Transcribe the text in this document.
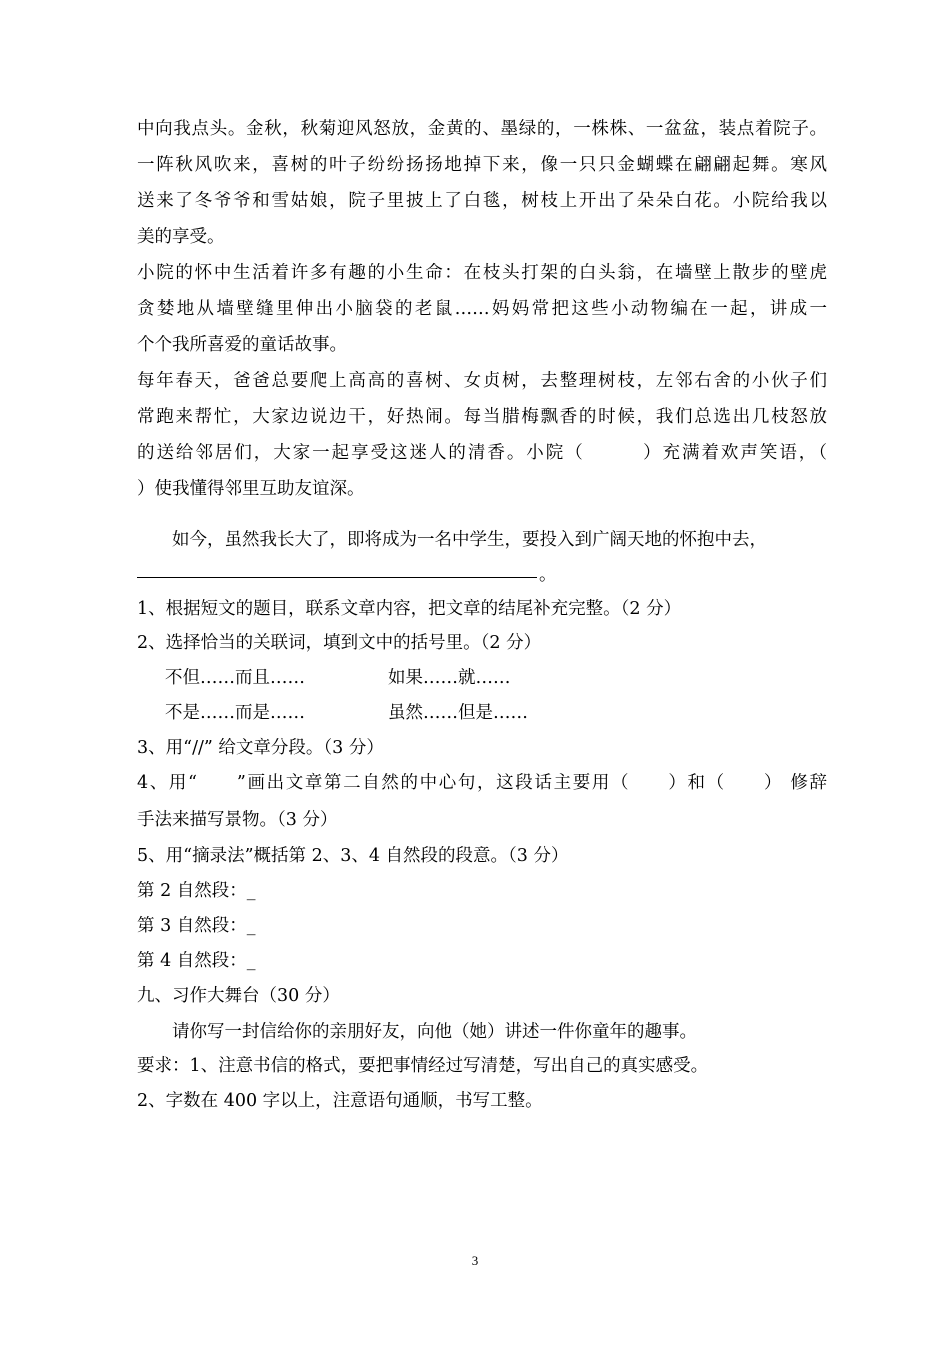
中向我点头。金秋，秋菊迎风怒放，金黄的、墨绿的，一株株、一盆盆，装点着院子。
一阵秋风吹来，喜树的叶子纷纷扬扬地掉下来，像一只只金蝴蝶在翩翩起舞。寒风
送来了冬爷爷和雪姑娘，院子里披上了白毯，树枝上开出了朵朵白花。小院给我以
美的享受。
小院的怀中生活着许多有趣的小生命：在枝头打架的白头翁，在墙壁上散步的壁虎
贪婪地从墙壁缝里伸出小脑袋的老鼠……妈妈常把这些小动物编在一起，讲成一
个个我所喜爱的童话故事。
每年春天，爸爸总要爬上高高的喜树、女贞树，去整理树枝，左邻右舍的小伙子们
常跑来帮忙，大家边说边干，好热闹。每当腊梅飘香的时候，我们总选出几枝怒放
的送给邻居们，大家一起享受这迷人的清香。小院（　　　）充满着欢声笑语，（
）使我懂得邻里互助友谊深。
如今，虽然我长大了，即将成为一名中学生，要投入到广阔天地的怀抱中去，
。
1、根据短文的题目，联系文章内容，把文章的结尾补充完整。（2 分）
2、选择恰当的关联词，填到文中的括号里。（2 分）
不但……而且……	如果……就……
不是……而是……	虽然……但是……
3、用“//” 给文章分段。（3 分）
4、用“　　”画出文章第二自然的中心句，这段话主要用（　　）和（　　） 修辞
手法来描写景物。（3 分）
5、用“摘录法”概括第 2、3、4 自然段的段意。（3 分）
第 2 自然段：_
第 3 自然段：_
第 4 自然段：_
九、习作大舞台（30 分）
请你写一封信给你的亲朋好友，向他（她）讲述一件你童年的趣事。
要求：1、注意书信的格式，要把事情经过写清楚，写出自己的真实感受。
2、字数在 400 字以上，注意语句通顺，书写工整。
3
